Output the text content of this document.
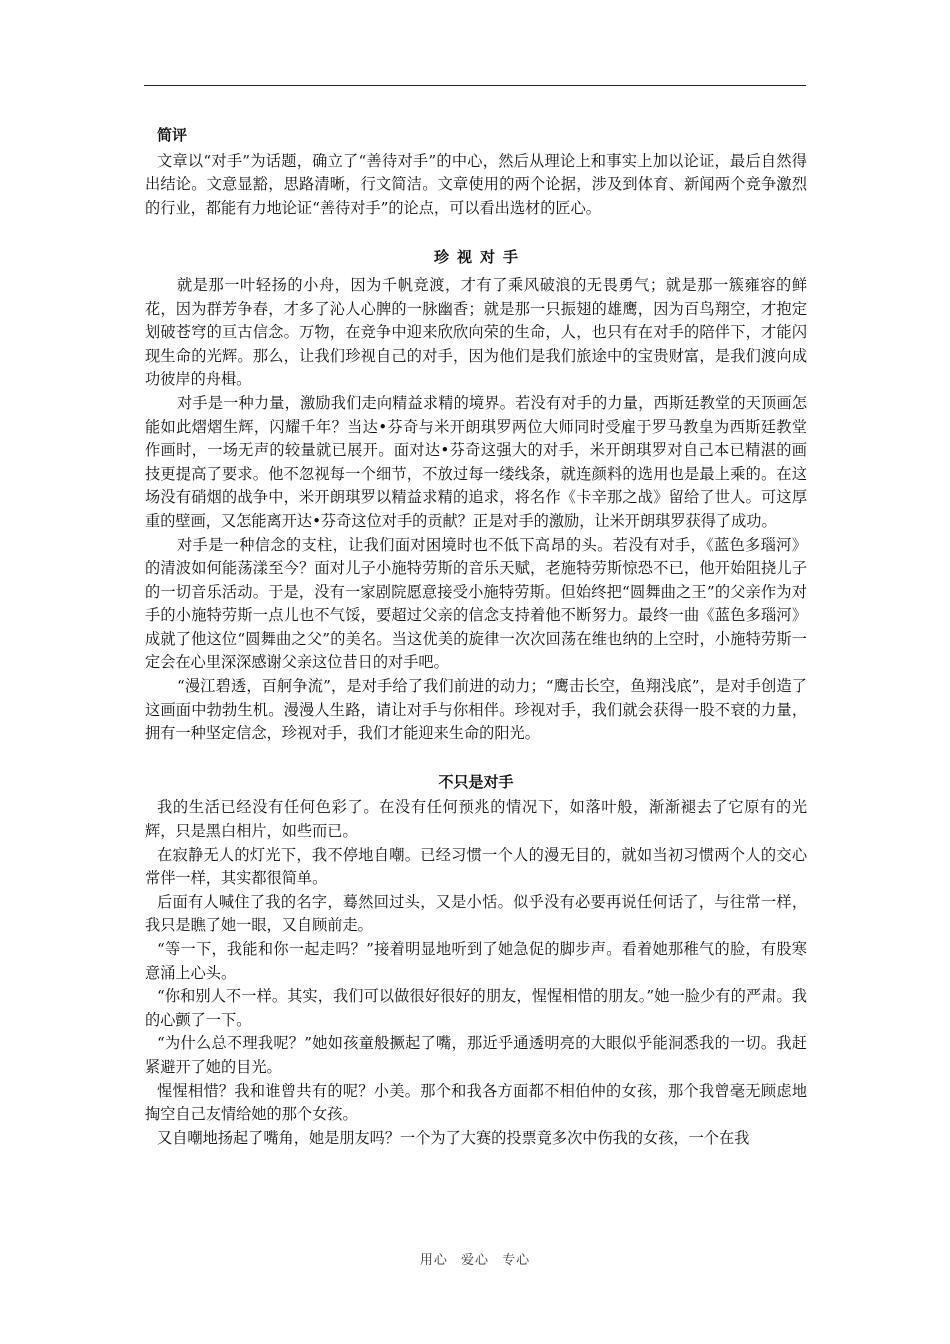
简评

文章以“对手”为话题，确立了“善待对手”的中心，然后从理论上和事实上加以论证，最后自然得出结论。文意显豁，思路清晰，行文简洁。文章使用的两个论据，涉及到体育、新闻两个竞争激烈的行业，都能有力地论证“善待对手”的论点，可以看出选材的匠心。

珍视对手

就是那一叶轻扬的小舟，因为千帆竞渡，才有了乘风破浪的无畏勇气；就是那一簇雍容的鲜花，因为群芳争春，才多了沁人心脾的一脉幽香；就是那一只振翅的雄鹰，因为百鸟翔空，才抱定划破苍穹的亘古信念。万物，在竞争中迎来欣欣向荣的生命，人，也只有在对手的陪伴下，才能闪现生命的光辉。那么，让我们珍视自己的对手，因为他们是我们旅途中的宝贵财富，是我们渡向成功彼岸的舟楫。

对手是一种力量，激励我们走向精益求精的境界。若没有对手的力量，西斯廷教堂的天顶画怎能如此熠熠生辉，闪耀千年？当达•芬奇与米开朗琪罗两位大师同时受雇于罗马教皇为西斯廷教堂作画时，一场无声的较量就已展开。面对达•芬奇这强大的对手，米开朗琪罗对自己本已精湛的画技更提高了要求。他不忽视每一个细节，不放过每一缕线条，就连颜料的选用也是最上乘的。在这场没有硝烟的战争中，米开朗琪罗以精益求精的追求，将名作《卡辛那之战》留给了世人。可这厚重的壁画，又怎能离开达•芬奇这位对手的贡献？正是对手的激励，让米开朗琪罗获得了成功。

对手是一种信念的支柱，让我们面对困境时也不低下高昂的头。若没有对手，《蓝色多瑙河》的清波如何能荡漾至今？面对儿子小施特劳斯的音乐天赋，老施特劳斯惊恐不已，他开始阻挠儿子的一切音乐活动。于是，没有一家剧院愿意接受小施特劳斯。但始终把“圆舞曲之王”的父亲作为对手的小施特劳斯一点儿也不气馁，要超过父亲的信念支持着他不断努力。最终一曲《蓝色多瑙河》成就了他这位“圆舞曲之父”的美名。当这优美的旋律一次次回荡在维也纳的上空时，小施特劳斯一定会在心里深深感谢父亲这位昔日的对手吧。

“漫江碧透，百舸争流”，是对手给了我们前进的动力；“鹰击长空，鱼翔浅底”，是对手创造了这画面中勃勃生机。漫漫人生路，请让对手与你相伴。珍视对手，我们就会获得一股不衰的力量，拥有一种坚定信念，珍视对手，我们才能迎来生命的阳光。

不只是对手

我的生活已经没有任何色彩了。在没有任何预兆的情况下，如落叶般，渐渐褪去了它原有的光辉，只是黑白相片，如些而已。

在寂静无人的灯光下，我不停地自嘲。已经习惯一个人的漫无目的，就如当初习惯两个人的交心常伴一样，其实都很简单。

后面有人喊住了我的名字，蓦然回过头，又是小恬。似乎没有必要再说任何话了，与往常一样，我只是瞧了她一眼，又自顾前走。

“等一下，我能和你一起走吗？”接着明显地听到了她急促的脚步声。看着她那稚气的脸，有股寒意涌上心头。

“你和别人不一样。其实，我们可以做很好很好的朋友，惺惺相惜的朋友。”她一脸少有的严肃。我的心颤了一下。

“为什么总不理我呢？”她如孩童般撅起了嘴，那近乎通透明亮的大眼似乎能洞悉我的一切。我赶紧避开了她的目光。

惺惺相惜？我和谁曾共有的呢？小美。那个和我各方面都不相伯仲的女孩，那个我曾毫无顾虑地掏空自己友情给她的那个女孩。

又自嘲地扬起了嘴角，她是朋友吗？一个为了大赛的投票竟多次中伤我的女孩，一个在我

用心 爱心 专心
